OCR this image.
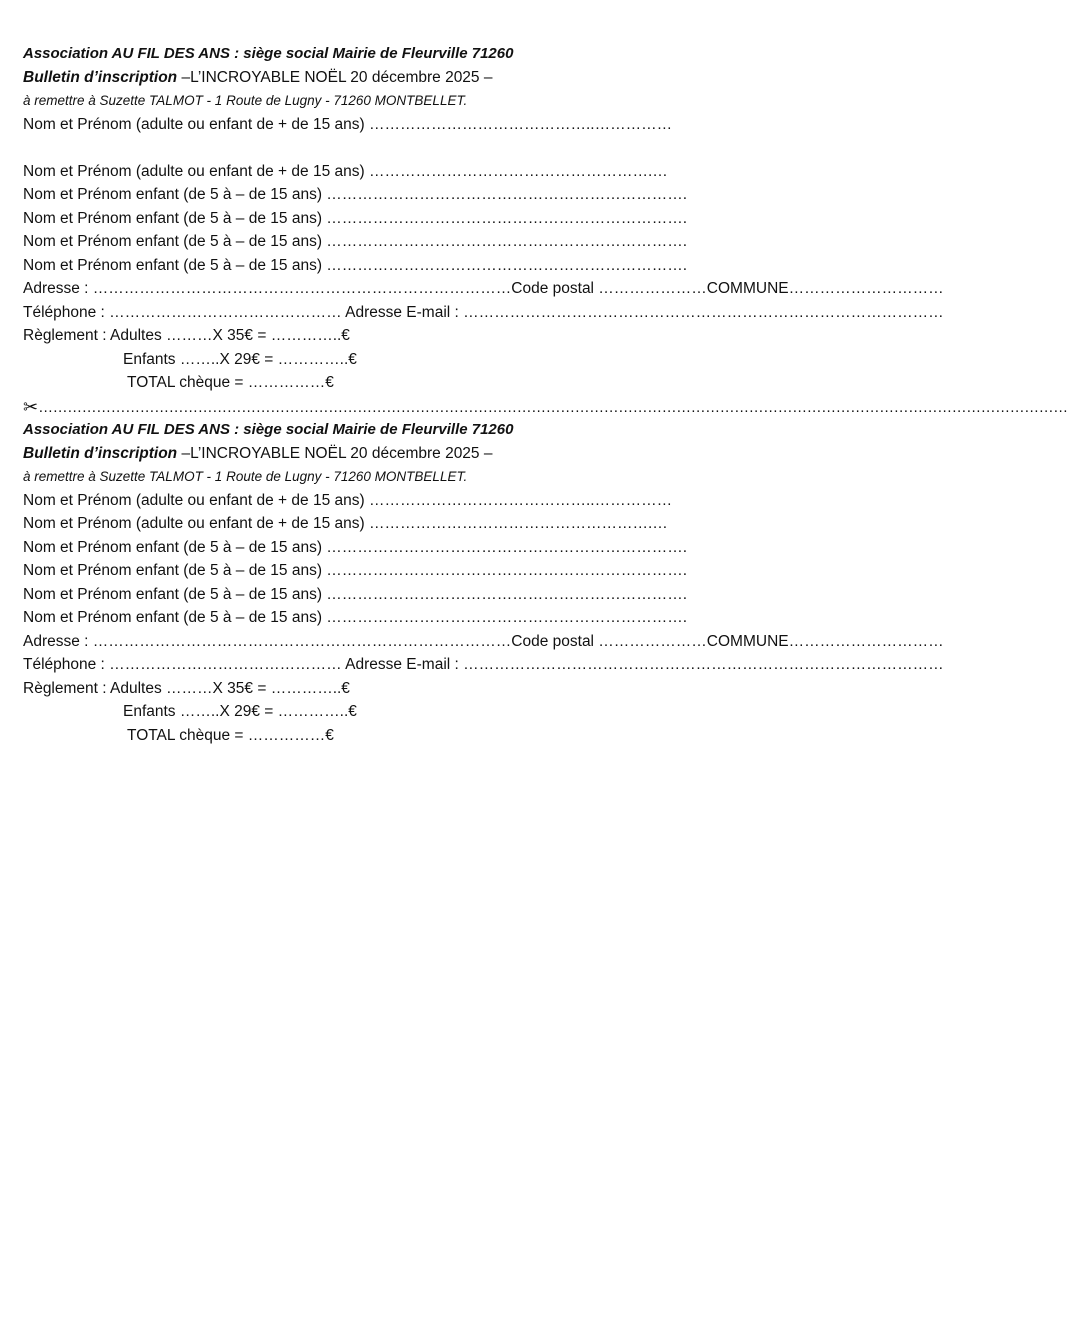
Association AU FIL DES ANS : siège social Mairie de Fleurville 71260
Bulletin d’inscription –L’INCROYABLE NOËL 20 décembre 2025 –
à remettre à Suzette TALMOT - 1 Route de Lugny - 71260 MONTBELLET.
Nom et Prénom (adulte ou enfant de + de 15 ans) ……………………………………..……………
Nom et Prénom (adulte ou enfant de + de 15 ans) ……………………………………………….…
Nom et Prénom enfant (de 5 à – de 15 ans) …………………………………………………………….
Nom et Prénom enfant (de 5 à – de 15 ans) …………………………………………………………….
Nom et Prénom enfant (de 5 à – de 15 ans) …………………………………………………………….
Nom et Prénom enfant (de 5 à – de 15 ans) …………………………………………………………….
Adresse : ………………………………………………………………………Code postal …………………COMMUNE…………………………
Téléphone : ……………………………………… Adresse E-mail : …………………………………………………………………………………
Règlement : Adultes ………X 35€ = …………..€
Enfants ……..X 29€ = …………..€
TOTAL chèque = ……………€
✂……………………………………………………………………………………………………………………………………………………………………………………………
Association AU FIL DES ANS : siège social Mairie de Fleurville 71260
Bulletin d’inscription –L’INCROYABLE NOËL 20 décembre 2025 –
à remettre à Suzette TALMOT - 1 Route de Lugny - 71260 MONTBELLET.
Nom et Prénom (adulte ou enfant de + de 15 ans) ……………………………………..……………
Nom et Prénom (adulte ou enfant de + de 15 ans) ……………………………………………….…
Nom et Prénom enfant (de 5 à – de 15 ans) …………………………………………………………….
Nom et Prénom enfant (de 5 à – de 15 ans) …………………………………………………………….
Nom et Prénom enfant (de 5 à – de 15 ans) …………………………………………………………….
Nom et Prénom enfant (de 5 à – de 15 ans) …………………………………………………………….
Adresse : ………………………………………………………………………Code postal …………………COMMUNE…………………………
Téléphone : ……………………………………… Adresse E-mail : …………………………………………………………………………………
Règlement : Adultes ………X 35€ = …………..€
Enfants ……..X 29€ = …………..€
TOTAL chèque = ……………€
